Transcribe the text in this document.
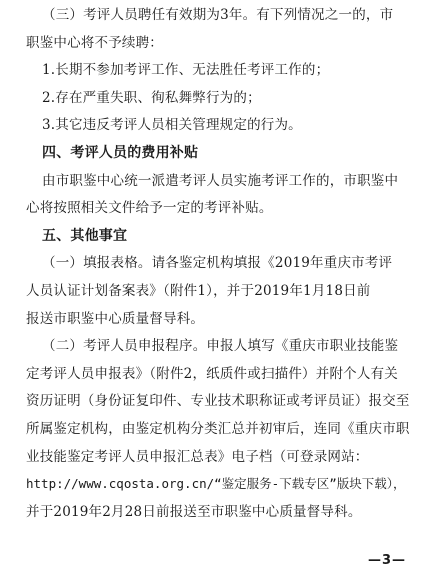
（三）考评人员聘任有效期为3年。有下列情况之一的，市
职鉴中心将不予续聘：
1.长期不参加考评工作、无法胜任考评工作的；
2.存在严重失职、徇私舞弊行为的；
3.其它违反考评人员相关管理规定的行为。
四、考评人员的费用补贴
由市职鉴中心统一派遣考评人员实施考评工作的，市职鉴中
心将按照相关文件给予一定的考评补贴。
五、其他事宜
（一）填报表格。请各鉴定机构填报《2019年重庆市考评
人员认证计划备案表》（附件1），并于2019年1月18日前
报送市职鉴中心质量督导科。
（二）考评人员申报程序。申报人填写《重庆市职业技能鉴
定考评人员申报表》（附件2，纸质件或扫描件）并附个人有关
资历证明（身份证复印件、专业技术职称证或考评员证）报交至
所属鉴定机构，由鉴定机构分类汇总并初审后，连同《重庆市职
业技能鉴定考评人员申报汇总表》电子档（可登录网站：
http://www.cqosta.org.cn/“鉴定服务-下载专区”版块下载），
并于2019年2月28日前报送至市职鉴中心质量督导科。
—3—
